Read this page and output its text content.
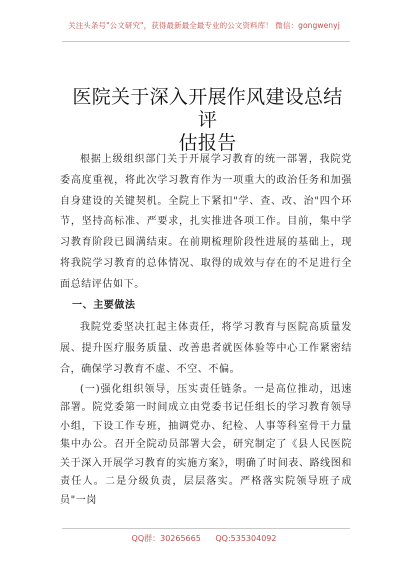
关注头条号"公文研究"，获得最新最全最专业的公文资料库！ 微信：gongwenyj
医院关于深入开展作风建设总结评
估报告

根据上级组织部门关于开展学习教育的统一部署，我院党委高度重视，将此次学习教育作为一项重大的政治任务和加强自身建设的关键契机。全院上下紧扣"学、查、改、治"四个环节，坚持高标准、严要求，扎实推进各项工作。目前，集中学习教育阶段已圆满结束。在前期梳理阶段性进展的基础上，现将我院学习教育的总体情况、取得的成效与存在的不足进行全面总结评估如下。

一、主要做法

我院党委坚决扛起主体责任，将学习教育与医院高质量发展、提升医疗服务质量、改善患者就医体验等中心工作紧密结合，确保学习教育不虚、不空、不偏。

(一)强化组织领导，压实责任链条。一是高位推动，迅速部署。院党委第一时间成立由党委书记任组长的学习教育领导小组，下设工作专班，抽调党办、纪检、人事等科室骨干力量集中办公。召开全院动员部署大会，研究制定了《县人民医院关于深入开展学习教育的实施方案》，明确了时间表、路线图和责任人。二是分级负责，层层落实。严格落实院领导班子成员"一岗

QQ群：30265665 QQ:535304092
